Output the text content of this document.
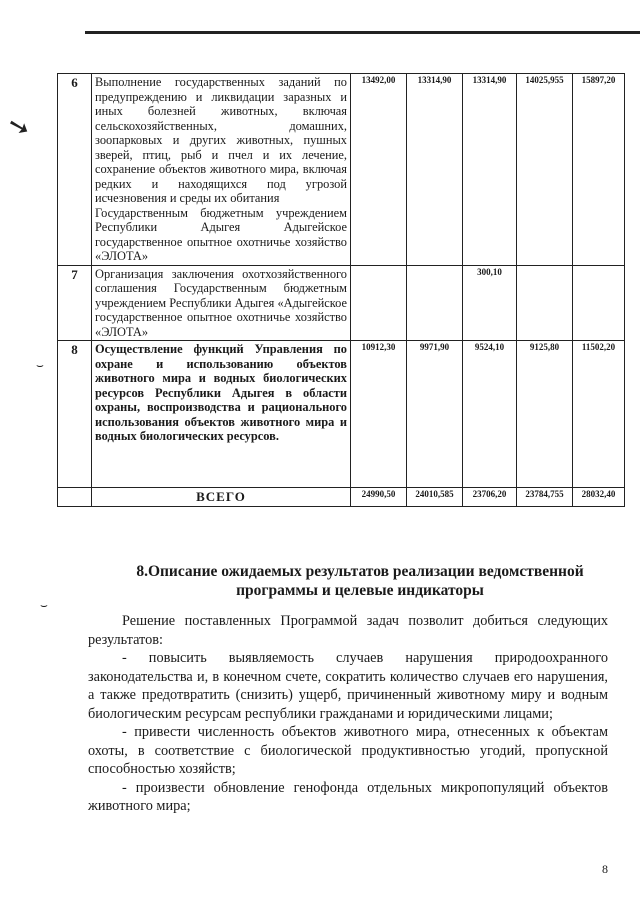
➘
⌣
⌣
6	Выполнение государственных заданий по предупреждению и ликвидации заразных и иных болезней животных, включая сельскохозяйственных, домашних, зоопарковых и других животных, пушных зверей, птиц, рыб и пчел и их лечение, сохранение объектов животного мира, включая редких и находящихся под угрозой исчезновения и среды их обитания
Государственным бюджетным учреждением Республики Адыгея Адыгейское государственное опытное охотничье хозяйство «ЭЛОТА»	13492,00	13314,90	13314,90	14025,955	15897,20
7	Организация заключения охотхозяйственного соглашения Государственным бюджетным учреждением Республики Адыгея «Адыгейское государственное опытное охотничье хозяйство «ЭЛОТА»			300,10		
8	Осуществление функций Управления по охране и использованию объектов животного мира и водных биологических ресурсов Республики Адыгея в области охраны, воспроизводства и рационального использования объектов животного мира и водных биологических ресурсов.	10912,30	9971,90	9524,10	9125,80	11502,20
	ВСЕГО	24990,50	24010,585	23706,20	23784,755	28032,40
8.Описание ожидаемых результатов реализации ведомственной программы и целевые индикаторы

Решение поставленных Программой задач позволит добиться следующих результатов:

- повысить выявляемость случаев нарушения природоохранного законодательства и, в конечном счете, сократить количество случаев его нарушения, а также предотвратить (снизить) ущерб, причиненный животному миру и водным биологическим ресурсам республики гражданами и юридическими лицами;

- привести численность объектов животного мира, отнесенных к объектам охоты, в соответствие с биологической продуктивностью угодий, пропускной способностью хозяйств;

- произвести обновление генофонда отдельных микропопуляций объектов животного мира;

8
